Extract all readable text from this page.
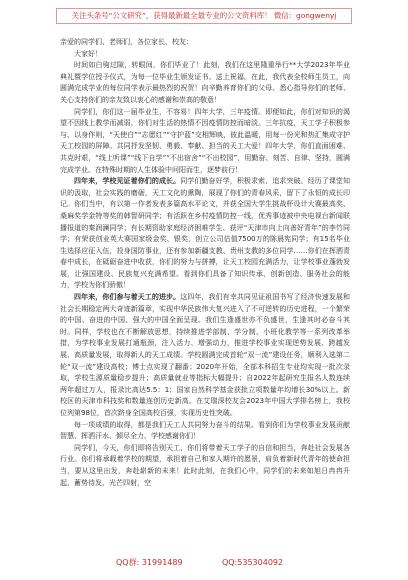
关注头条号“公文研究”，获得最新最全最专业的公文资料库！ 微信：gongwenyj

亲爱的同学们、老师们，各位家长、校友：

大家好！

时间如白驹过隙，转眼间，你们毕业了！此刻，我们在这里隆重举行**大学2023年毕业典礼暨学位授予仪式，为每一位毕业生颁发证书、送上祝福。在此，我代表全校师生员工，向圆满完成学业的每位同学表示最热烈的祝贺！向辛勤养育你们的父母、悉心指导你们的老师、关心支持你们的亲友致以衷心的感谢和崇高的敬意！

同学们，你们这一届毕业生，不容易！四年大学，三年疫情。即便如此，你们对知识的渴望不因线上教学而减弱，你们对生活的热情不因疫情防控而暗淡。三年抗疫，天工学子积极参与、以身作则，“天使白”“志愿红”“守护蓝”交相辉映，彼此温暖，用每一份光和热汇集成守护天工校园的屏障。共同抒发坚韧、勇毅、奉献、担当的天工大爱！四年大学，你们直面困难、共克时艰，“线上听课”“线下自学”“不出宿舍”“不出校园”，用勤奋、刻苦、自律、坚持，圆满完成学业。在特殊时期的人生体验中问阳而生，逐梦前行！

四年来，学校见证着你们的成长。同学们勤奋好学，积极求索、追求突破。经历了课堂知识的汲取，社会实践的磨砺，天工文化的熏陶，展现了你们的青春风采，留下了永恒的成长印记。你们当中，有以第一作者发表多篇高水平论文，并获全国大学生挑战杯设计大赛最高奖、桑麻奖学金特等奖的韩智研同学；有活跃在乡村疫情防控一线，优秀事迹被中央电视台新闻联播报道的秦润澜同学；有长期资助家庭经济困难学生、获评“天津市向上向善好青年”的李竹同学；有荣获创业英大赛国家级金奖、银奖，创立公司估值7500万的陈晨宪同学；有15名毕业生选择应征入伍，投身国防事业，还有参加新疆支教、贵州支教的多位同学……你们在挥洒青春中成长，在砥砺奋进中收获，你们的努力与拼搏，让天工校园充满活力，让学校事业蓬勃发展，让强国建设、民族复兴充满希望。看到你们具备了知识传承、创新创造、服务社会的能力，学校为你们骄傲！

四年来，你们参与着天工的进步。这四年，我们有幸共同见证祖国书写了经济快速发展和社会长期稳定两大奇迹新篇章，实现中华民族伟大复兴进入了不可逆转的历史进程，一个繁荣的中国、奋进的中国、强大的中国全面呈现。我们生逢盛世亦不负盛世，生逢其时必奋斗其时。同样，学校也在不断解放思想，持续推进学部制、学分制、小班化教学等一系列改革举措，为学校事业发展打通瓶颈，注入活力、增强动力，推进学校事业实现逆势发展、跨越发展、高质量发展，取得新人的天工成绩。学校圆满完成首轮“双一流”建设任务，顺利入选第二轮“双一流”建设高校；博士点实现了翻番；2020年开始，全部本科招生专业均实现一批次录取，学校生源质量稳步提升；高质量就业等指标大幅提升；自2022年起研究生报名人数连续两年超过万人，报录比高达5.5：1；国家自然科学基金获批立项数量年均增长30%以上。新校区的天津市科技奖和数量连创历史新高。在艾瑞深校友会2023年中国大学排名榜上，我校位列第98位，首次跻身全国高校百强，实现历史性突破。

每一项成绩的取得，都是我们天工人共同努力奋斗的结果。看到你们为学校事业发展贡献智慧、挥洒汗水、倾尽全力，学校感谢你们！

同学们，今天，你们即将告别天工，你们将带着天工学子的自信和担当，奔赴社会发展各行业。你们将承载着学校的期望，承担着自己和家人期许的愿景，肩负着新时代青年的使命担当，要从这里出发，奔赴崭新的未来！此时此刻，在我们心中，同学们的未来如旭日冉冉升起，蓄势待发，光芒四射，空

QQ群: 31991489	QQ:535304092
